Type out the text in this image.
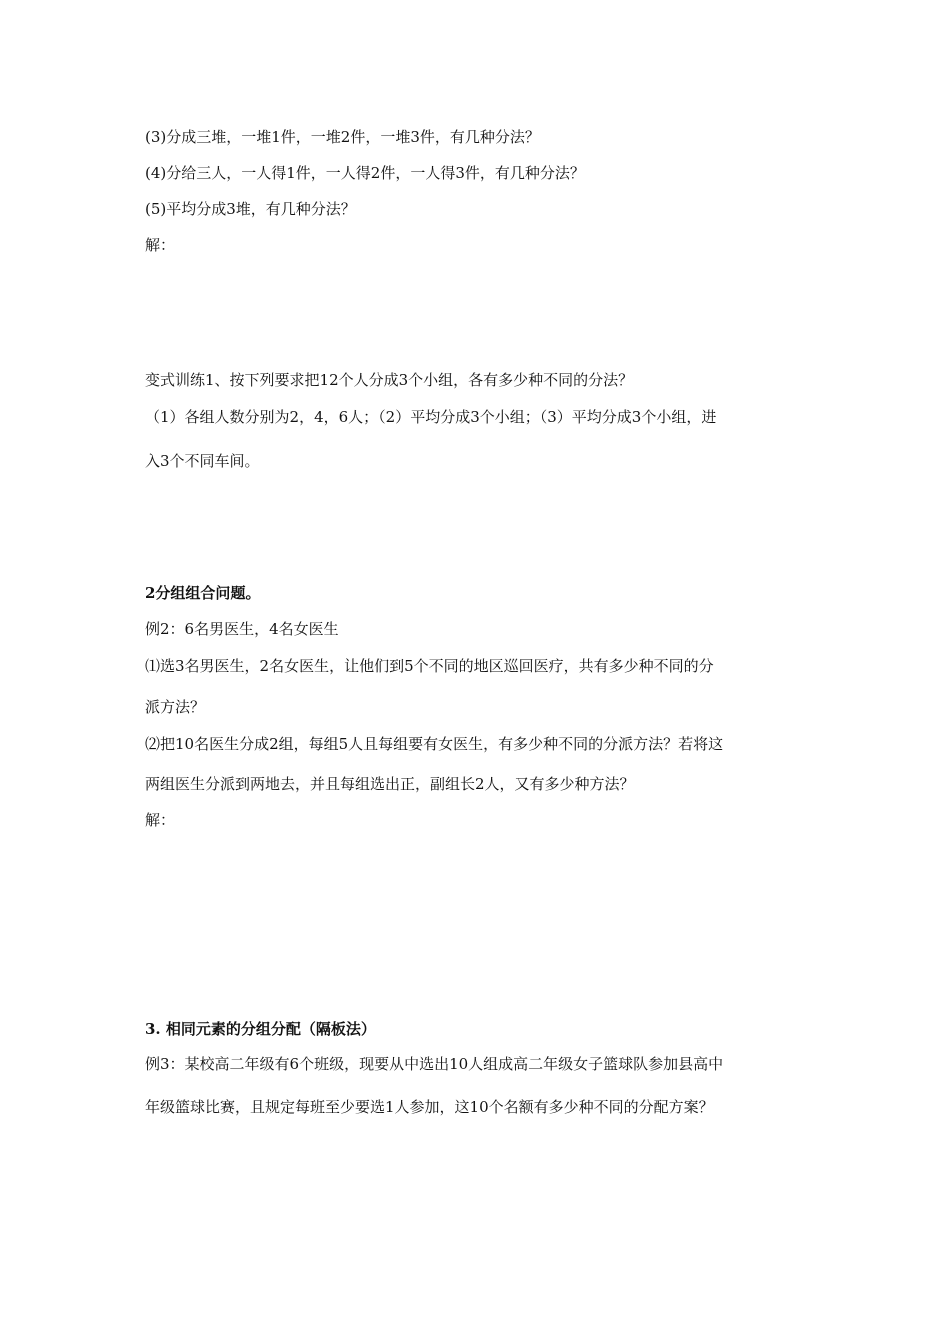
(3)分成三堆，一堆1件，一堆2件，一堆3件，有几种分法？
(4)分给三人，一人得1件，一人得2件，一人得3件，有几种分法？
(5)平均分成3堆，有几种分法？
解：
变式训练1、按下列要求把12个人分成3个小组，各有多少种不同的分法？
（1）各组人数分别为2，4，6人；（2）平均分成3个小组；（3）平均分成3个小组，进
入3个不同车间。
2分组组合问题。
例2：6名男医生，4名女医生
⑴选3名男医生，2名女医生，让他们到5个不同的地区巡回医疗，共有多少种不同的分
派方法？
⑵把10名医生分成2组，每组5人且每组要有女医生，有多少种不同的分派方法？若将这
两组医生分派到两地去，并且每组选出正，副组长2人，又有多少种方法？
解：
3. 相同元素的分组分配（隔板法）
例3：某校高二年级有6个班级，现要从中选出10人组成高二年级女子篮球队参加县高中
年级篮球比赛，且规定每班至少要选1人参加，这10个名额有多少种不同的分配方案？
